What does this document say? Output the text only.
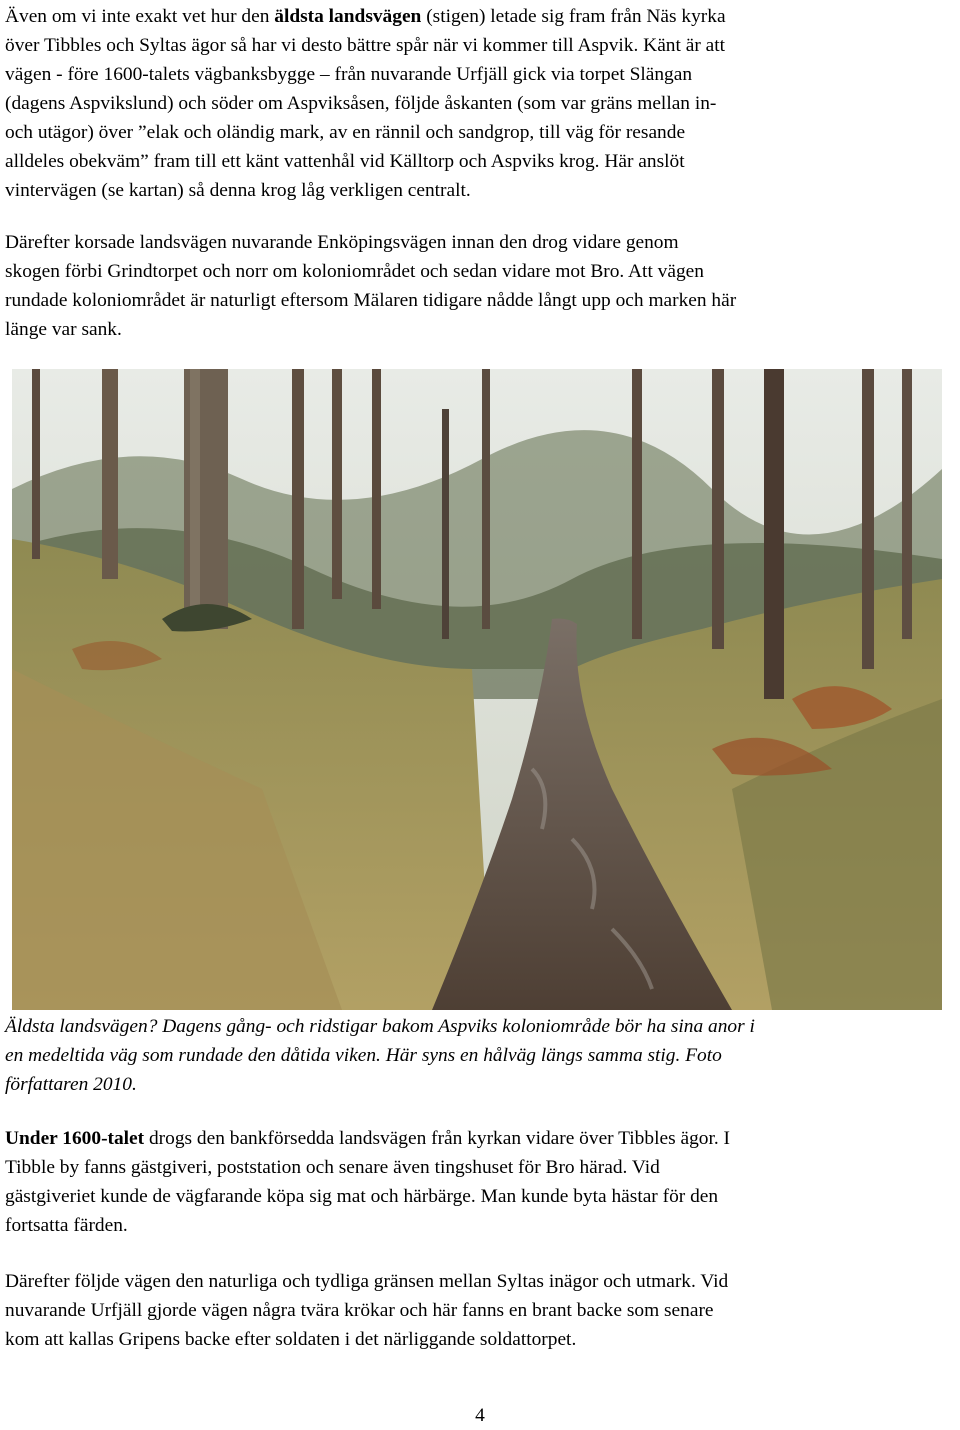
Även om vi inte exakt vet hur den äldsta landsvägen (stigen) letade sig fram från Näs kyrka
över Tibbles och Syltas ägor så har vi desto bättre spår när vi kommer till Aspvik. Känt är att
vägen - före 1600-talets vägbanksbygge – från nuvarande Urfjäll gick via torpet Slängan
(dagens Aspvikslund) och söder om Aspviksåsen, följde åskanten (som var gräns mellan in-
och utägor) över ”elak och oländig mark, av en rännil och sandgrop, till väg för resande
alldeles obekväm” fram till ett känt vattenhål vid Källtorp och Aspviks krog. Här anslöt
vintervägen (se kartan) så denna krog låg verkligen centralt.
Därefter korsade landsvägen nuvarande Enköpingsvägen innan den drog vidare genom
skogen förbi Grindtorpet och norr om koloniområdet och sedan vidare mot Bro. Att vägen
rundade koloniområdet är naturligt eftersom Mälaren tidigare nådde långt upp och marken här
länge var sank.
Äldsta landsvägen? Dagens gång- och ridstigar bakom Aspviks koloniområde bör ha sina anor i
en medeltida väg som rundade den dåtida viken. Här syns en hålväg längs samma stig. Foto
författaren 2010.
Under 1600-talet drogs den bankförsedda landsvägen från kyrkan vidare över Tibbles ägor. I
Tibble by fanns gästgiveri, poststation och senare även tingshuset för Bro härad. Vid
gästgiveriet kunde de vägfarande köpa sig mat och härbärge. Man kunde byta hästar för den
fortsatta färden.
Därefter följde vägen den naturliga och tydliga gränsen mellan Syltas inägor och utmark. Vid
nuvarande Urfjäll gjorde vägen några tvära krökar och här fanns en brant backe som senare
kom att kallas Gripens backe efter soldaten i det närliggande soldattorpet.
4
